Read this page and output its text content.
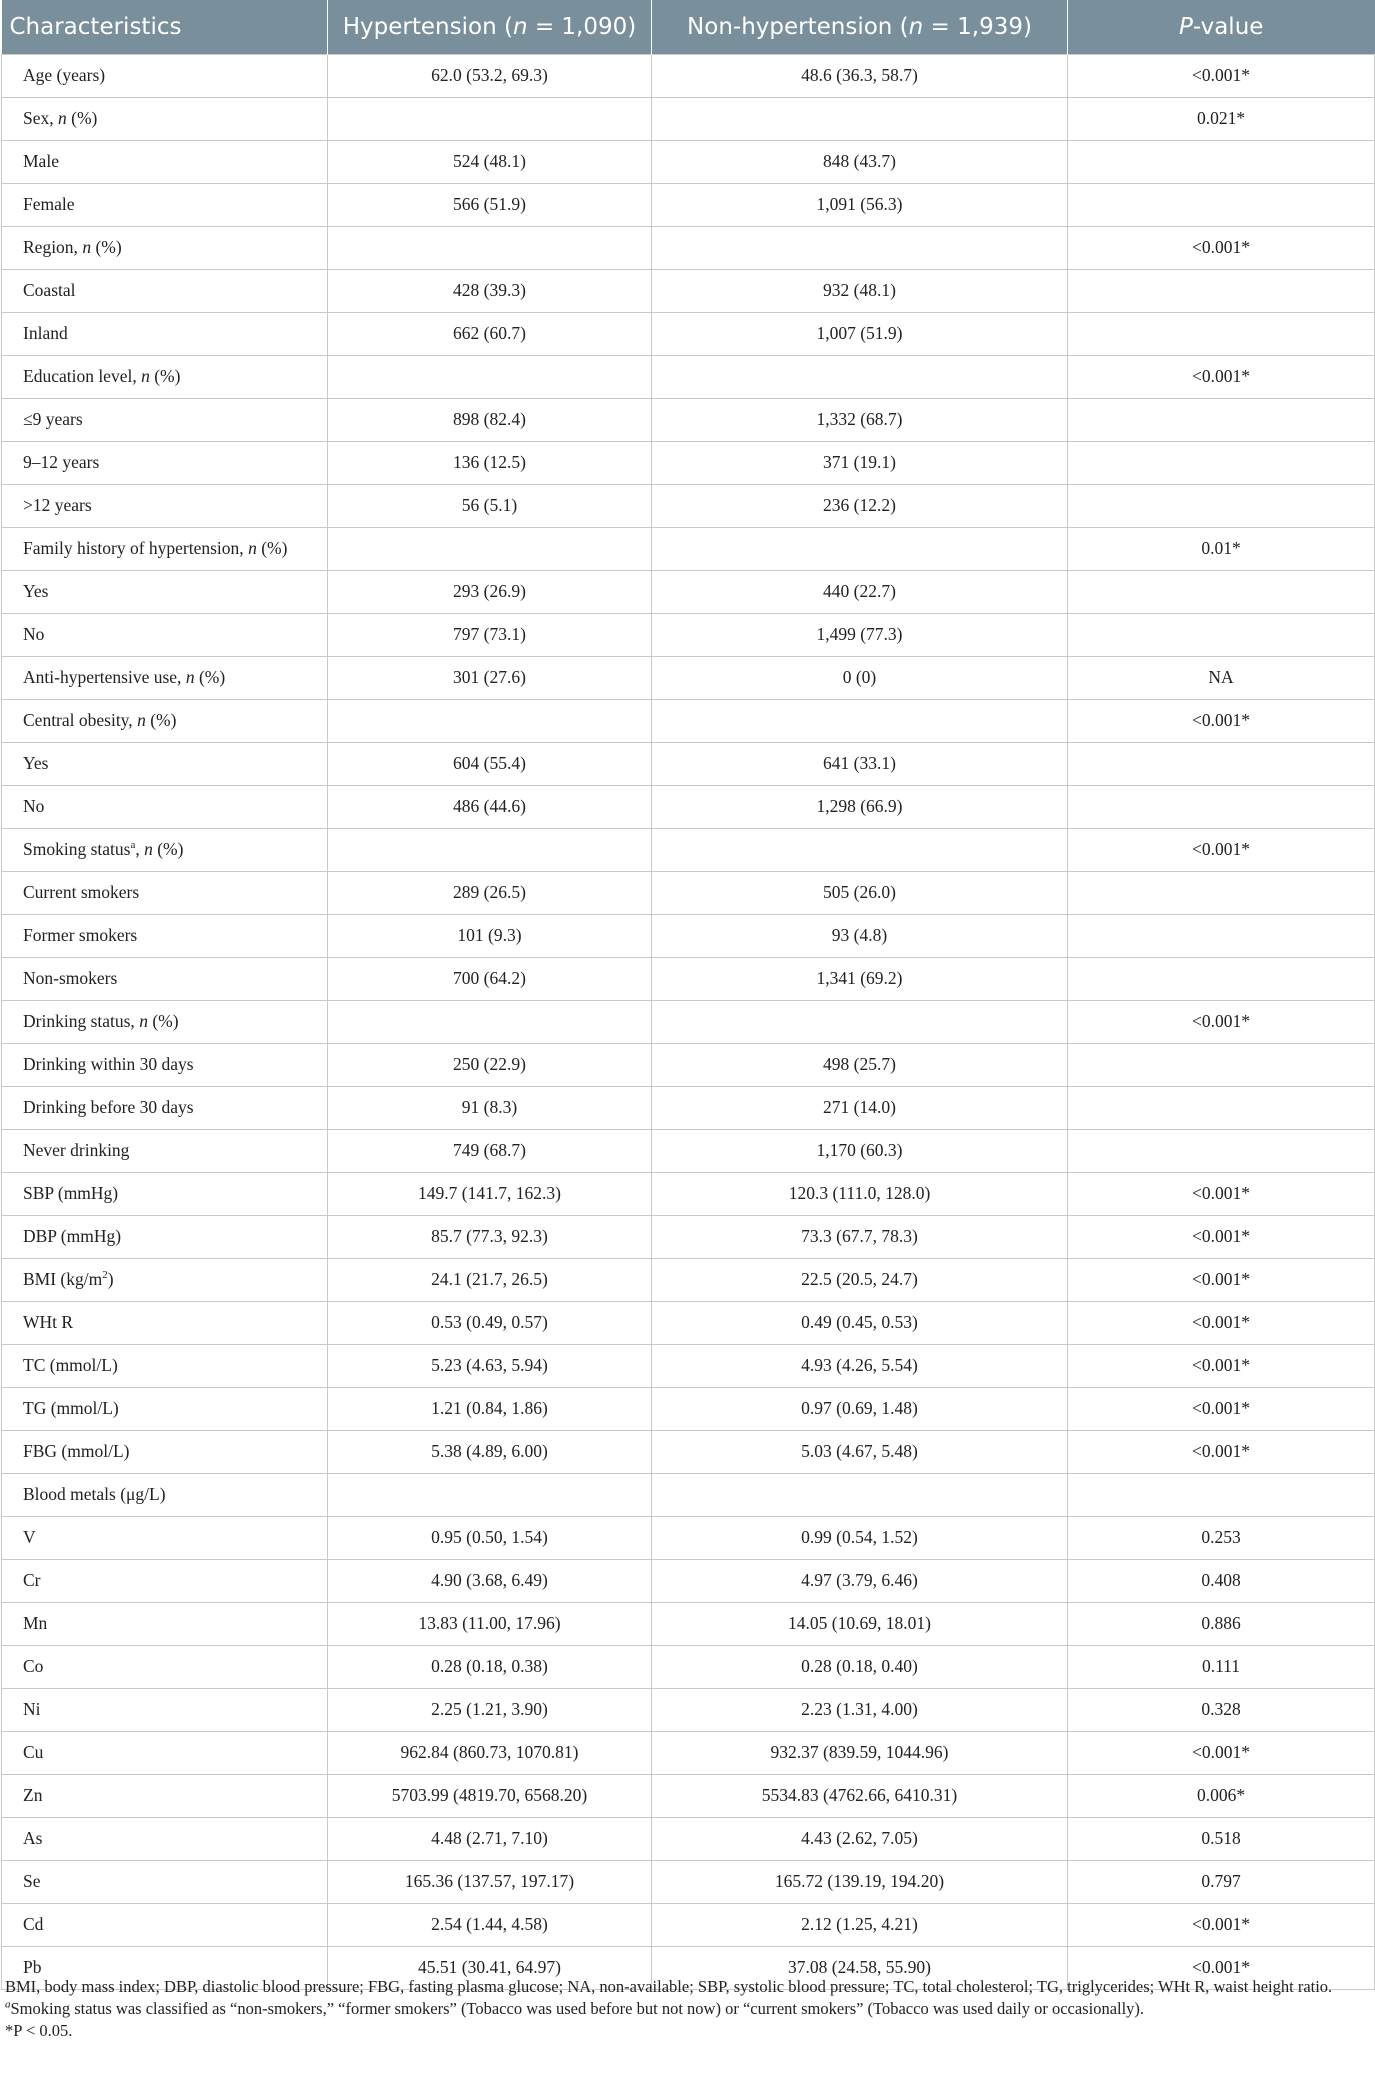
Characteristics	Hypertension (n = 1,090)	Non-hypertension (n = 1,939)	P-value
Age (years)	62.0 (53.2, 69.3)	48.6 (36.3, 58.7)	<0.001*
Sex, n (%)			0.021*
Male	524 (48.1)	848 (43.7)	
Female	566 (51.9)	1,091 (56.3)	
Region, n (%)			<0.001*
Coastal	428 (39.3)	932 (48.1)	
Inland	662 (60.7)	1,007 (51.9)	
Education level, n (%)			<0.001*
≤9 years	898 (82.4)	1,332 (68.7)	
9–12 years	136 (12.5)	371 (19.1)	
>12 years	56 (5.1)	236 (12.2)	
Family history of hypertension, n (%)			0.01*
Yes	293 (26.9)	440 (22.7)	
No	797 (73.1)	1,499 (77.3)	
Anti-hypertensive use, n (%)	301 (27.6)	0 (0)	NA
Central obesity, n (%)			<0.001*
Yes	604 (55.4)	641 (33.1)	
No	486 (44.6)	1,298 (66.9)	
Smoking status$^a$, n (%)			<0.001*
Current smokers	289 (26.5)	505 (26.0)	
Former smokers	101 (9.3)	93 (4.8)	
Non-smokers	700 (64.2)	1,341 (69.2)	
Drinking status, n (%)			<0.001*
Drinking within 30 days	250 (22.9)	498 (25.7)	
Drinking before 30 days	91 (8.3)	271 (14.0)	
Never drinking	749 (68.7)	1,170 (60.3)	
SBP (mmHg)	149.7 (141.7, 162.3)	120.3 (111.0, 128.0)	<0.001*
DBP (mmHg)	85.7 (77.3, 92.3)	73.3 (67.7, 78.3)	<0.001*
BMI $(kg/m^2)$	24.1 (21.7, 26.5)	22.5 (20.5, 24.7)	<0.001*
WHt R	0.53 (0.49, 0.57)	0.49 (0.45, 0.53)	<0.001*
TC (mmol/L)	5.23 (4.63, 5.94)	4.93 (4.26, 5.54)	<0.001*
TG (mmol/L)	1.21 (0.84, 1.86)	0.97 (0.69, 1.48)	<0.001*
FBG (mmol/L)	5.38 (4.89, 6.00)	5.03 (4.67, 5.48)	<0.001*
Blood metals (μg/L)			
V	0.95 (0.50, 1.54)	0.99 (0.54, 1.52)	0.253
Cr	4.90 (3.68, 6.49)	4.97 (3.79, 6.46)	0.408
Mn	13.83 (11.00, 17.96)	14.05 (10.69, 18.01)	0.886
Co	0.28 (0.18, 0.38)	0.28 (0.18, 0.40)	0.111
Ni	2.25 (1.21, 3.90)	2.23 (1.31, 4.00)	0.328
Cu	962.84 (860.73, 1070.81)	932.37 (839.59, 1044.96)	<0.001*
Zn	5703.99 (4819.70, 6568.20)	5534.83 (4762.66, 6410.31)	0.006*
As	4.48 (2.71, 7.10)	4.43 (2.62, 7.05)	0.518
Se	165.36 (137.57, 197.17)	165.72 (139.19, 194.20)	0.797
Cd	2.54 (1.44, 4.58)	2.12 (1.25, 4.21)	<0.001*
Pb	45.51 (30.41, 64.97)	37.08 (24.58, 55.90)	<0.001*

BMI, body mass index; DBP, diastolic blood pressure; FBG, fasting plasma glucose; NA, non-available; SBP, systolic blood pressure; TC, total cholesterol; TG, triglycerides; WHt R, waist height ratio.

$^a$Smoking status was classified as “non-smokers,” “former smokers” (Tobacco was used before but not now) or “current smokers” (Tobacco was used daily or occasionally).

*P < 0.05.
